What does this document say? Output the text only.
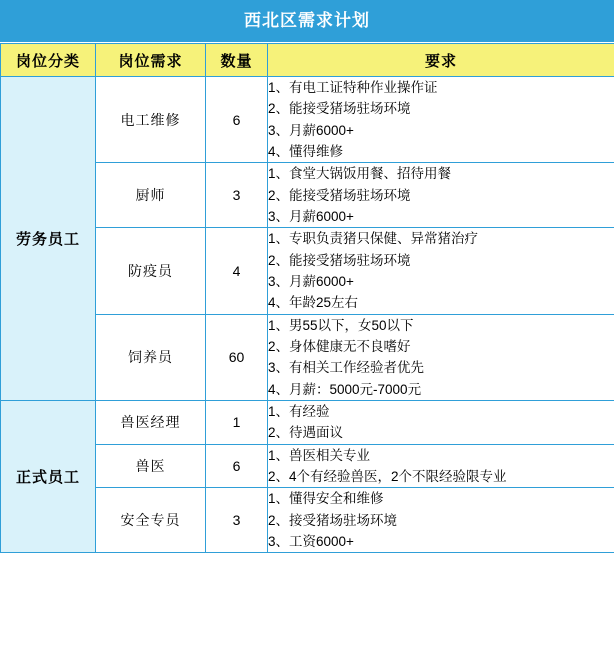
西北区需求计划
岗位分类	岗位需求	数量	要求
劳务员工	电工维修	6	1、有电工证特种作业操作证
2、能接受猪场驻场环境
3、月薪6000+
4、懂得维修

	厨师	3	1、食堂大锅饭用餐、招待用餐
2、能接受猪场驻场环境
3、月薪6000+

	防疫员	4	1、专职负责猪只保健、异常猪治疗
2、能接受猪场驻场环境
3、月薪6000+
4、年龄25左右

	饲养员	60	1、男55以下，女50以下
2、身体健康无不良嗜好
3、有相关工作经验者优先
4、月薪：5000元-7000元

正式员工	兽医经理	1	1、有经验
2、待遇面议

	兽医	6	1、兽医相关专业
2、4个有经验兽医，2个不限经验限专业

	安全专员	3	1、懂得安全和维修
2、接受猪场驻场环境
3、工资6000+
